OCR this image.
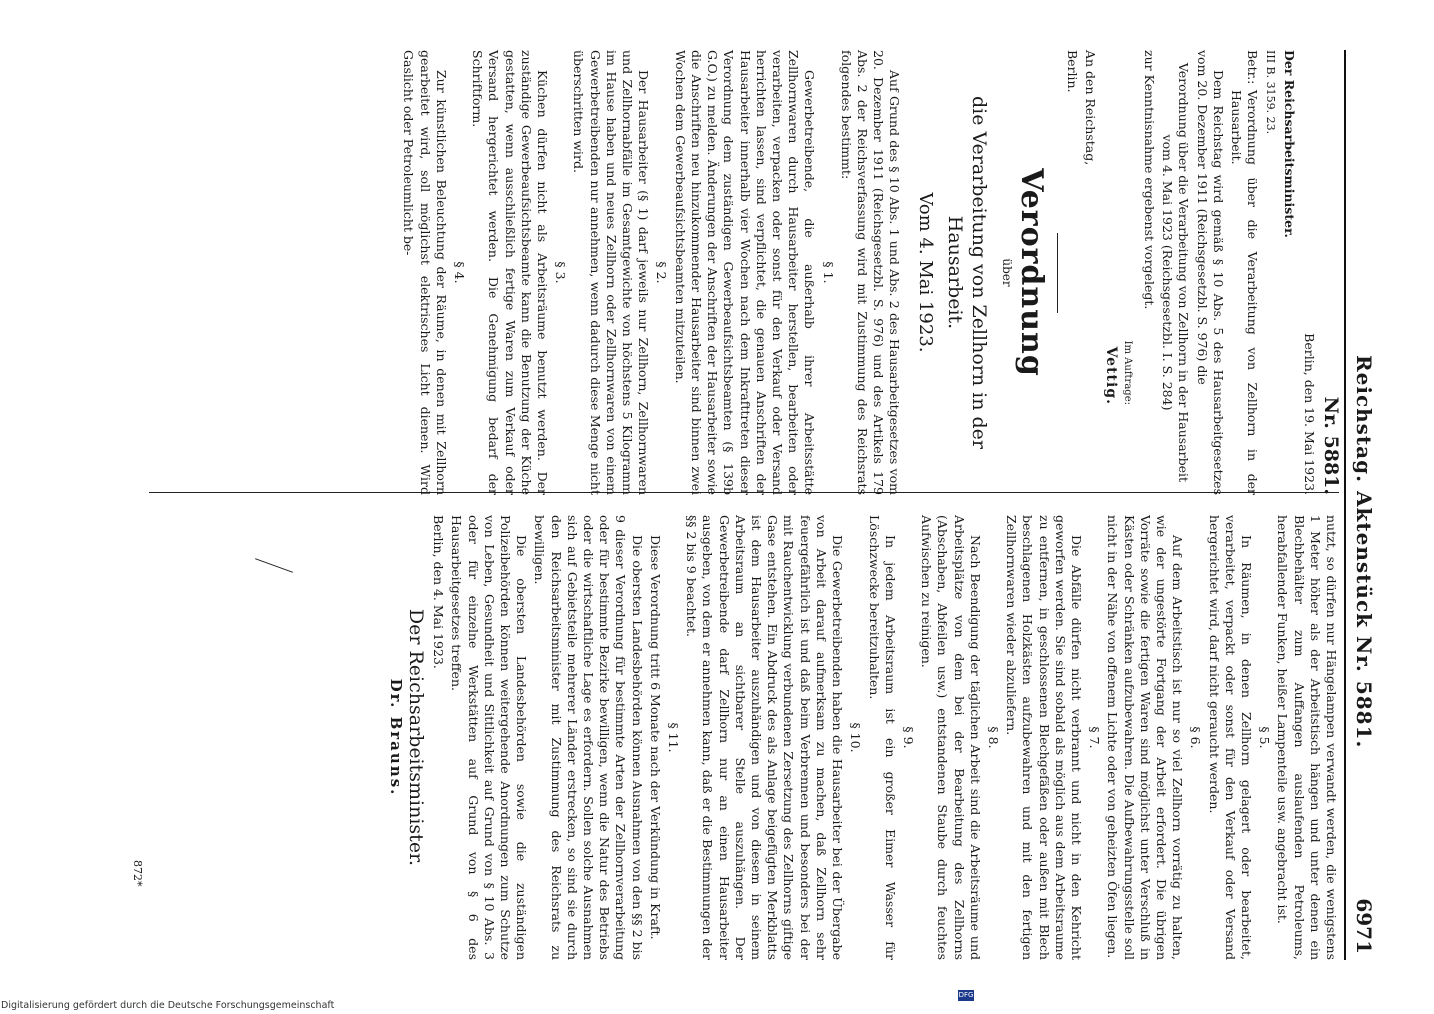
Reichstag. Aktenstück Nr. 5881.
6971
Nr. 5881.
Berlin, den 19. Mai 1923.

Der Reichsarbeitsminister.

III B. 3159. 23.

Betr.:
Verordnung über die Verarbeitung von Zellhorn in der Hausarbeit.

Dem Reichstag wird gemäß § 10 Abs. 5 des Hausarbeitgesetzes vom 20. Dezember 1911 (Reichsgesetzbl. S. 976) die

Verordnung über die Verarbeitung von Zellhorn in der Hausarbeit vom 4. Mai 1923 (Reichsgesetzbl. I. S. 284)

zur Kenntnisnahme ergebenst vorgelegt.

Im Auftrage:
Vettig.

An den Reichstag,

Berlin.

Verordnung
über
die Verarbeitung von Zellhorn in der Hausarbeit.
Vom 4. Mai 1923.

Auf Grund des § 10 Abs. 1 und Abs. 2 des Hausarbeitgesetzes vom 20. Dezember 1911 (Reichsgesetzbl. S. 976) und des Artikels 179 Abs. 2 der Reichsverfassung wird mit Zustimmung des Reichsrats folgendes bestimmt:

§ 1.

Gewerbetreibende, die außerhalb ihrer Arbeitsstätte Zellhornwaren durch Hausarbeiter herstellen, bearbeiten oder verarbeiten, verpacken oder sonst für den Verkauf oder Versand herrichten lassen, sind verpflichtet, die genauen Anschriften der Hausarbeiter innerhalb vier Wochen nach dem Inkrafttreten dieser Verordnung dem zuständigen Gewerbeaufsichtsbeamten (§ 139b G.O.) zu melden. Änderungen der Anschriften der Hausarbeiter sowie die Anschriften neu hinzukommender Hausarbeiter sind binnen zwei Wochen dem Gewerbeaufsichtsbeamten mitzuteilen.

§ 2.

Der Hausarbeiter (§ 1) darf jeweils nur Zellhorn, Zellhornwaren und Zellhornabfälle im Gesamtgewichte von höchstens 5 Kilogramm im Hause haben und neues Zellhorn oder Zellhornwaren von einem Gewerbetreibenden nur annehmen, wenn dadurch diese Menge nicht überschritten wird.

§ 3.

Küchen dürfen nicht als Arbeitsräume benutzt werden. Der zuständige Gewerbeaufsichtsbeamte kann die Benutzung der Küche gestatten, wenn ausschließlich fertige Waren zum Verkauf oder Versand hergerichtet werden. Die Genehmigung bedarf der Schriftform.

§ 4.

Zur künstlichen Beleuchtung der Räume, in denen mit Zellhorn gearbeitet wird, soll möglichst elektrisches Licht dienen. Wird Gaslicht oder Petroleumlicht be-

nutzt, so dürfen nur Hängelampen verwandt werden, die wenigstens 1 Meter höher als der Arbeitstisch hängen und unter denen ein Blechbehälter zum Auffangen auslaufenden Petroleums, herabfallender Funken, heißer Lampenteile usw. angebracht ist.

§ 5.

In Räumen, in denen Zellhorn gelagert oder bearbeitet, verarbeitet, verpackt oder sonst für den Verkauf oder Versand hergerichtet wird, darf nicht geraucht werden.

§ 6.

Auf dem Arbeitstisch ist nur so viel Zellhorn vorrätig zu halten, wie der ungestörte Fortgang der Arbeit erfordert. Die übrigen Vorräte sowie die fertigen Waren sind möglichst unter Verschluß in Kästen oder Schränken aufzubewahren. Die Aufbewahrungsstelle soll nicht in der Nähe von offenem Lichte oder von geheizten Öfen liegen.

§ 7.

Die Abfälle dürfen nicht verbrannt und nicht in den Kehricht geworfen werden. Sie sind sobald als möglich aus dem Arbeitsraume zu entfernen, in geschlossenen Blechgefäßen oder außen mit Blech beschlagenen Holzkästen aufzubewahren und mit den fertigen Zellhornwaren wieder abzuliefern.

§ 8.

Nach Beendigung der täglichen Arbeit sind die Arbeitsräume und Arbeitsplätze von dem bei der Bearbeitung des Zellhorns (Abschaben, Abfeilen usw.) entstandenen Staube durch feuchtes Aufwischen zu reinigen.

§ 9.

In jedem Arbeitsraum ist ein großer Eimer Wasser für Löschzwecke bereitzuhalten.

§ 10.

Die Gewerbetreibenden haben die Hausarbeiter bei der Übergabe von Arbeit darauf aufmerksam zu machen, daß Zellhorn sehr feuergefährlich ist und daß beim Verbrennen und besonders bei der mit Rauchentwicklung verbundenen Zersetzung des Zellhorns giftige Gase entstehen. Ein Abdruck des als Anlage beigefügten Merkblatts ist dem Hausarbeiter auszuhändigen und von diesem in seinem Arbeitsraum an sichtbarer Stelle auszuhängen. Der Gewerbetreibende darf Zellhorn nur an einen Hausarbeiter ausgeben, von dem er annehmen kann, daß er die Bestimmungen der §§ 2 bis 9 beachtet.

§ 11.

Diese Verordnung tritt 6 Monate nach der Verkündung in Kraft.

Die obersten Landesbehörden können Ausnahmen von den §§ 2 bis 9 dieser Verordnung für bestimmte Arten der Zellhornverarbeitung oder für bestimmte Bezirke bewilligen, wenn die Natur des Betriebs oder die wirtschaftliche Lage es erfordern. Sollen solche Ausnahmen sich auf Gebietsteile mehrerer Länder erstrecken, so sind sie durch den Reichsarbeitsminister mit Zustimmung des Reichsrats zu bewilligen.

Die obersten Landesbehörden sowie die zuständigen Polizeibehörden können weitergehende Anordnungen zum Schutze von Leben, Gesundheit und Sittlichkeit auf Grund von § 10 Abs. 3 oder für einzelne Werkstätten auf Grund von § 6 des Hausarbeitgesetzes treffen.

Berlin, den 4. Mai 1923.

Der Reichsarbeitsminister.
Dr. Brauns.
872*
Digitalisierung gefördert durch die Deutsche Forschungsgemeinschaft
DFG
